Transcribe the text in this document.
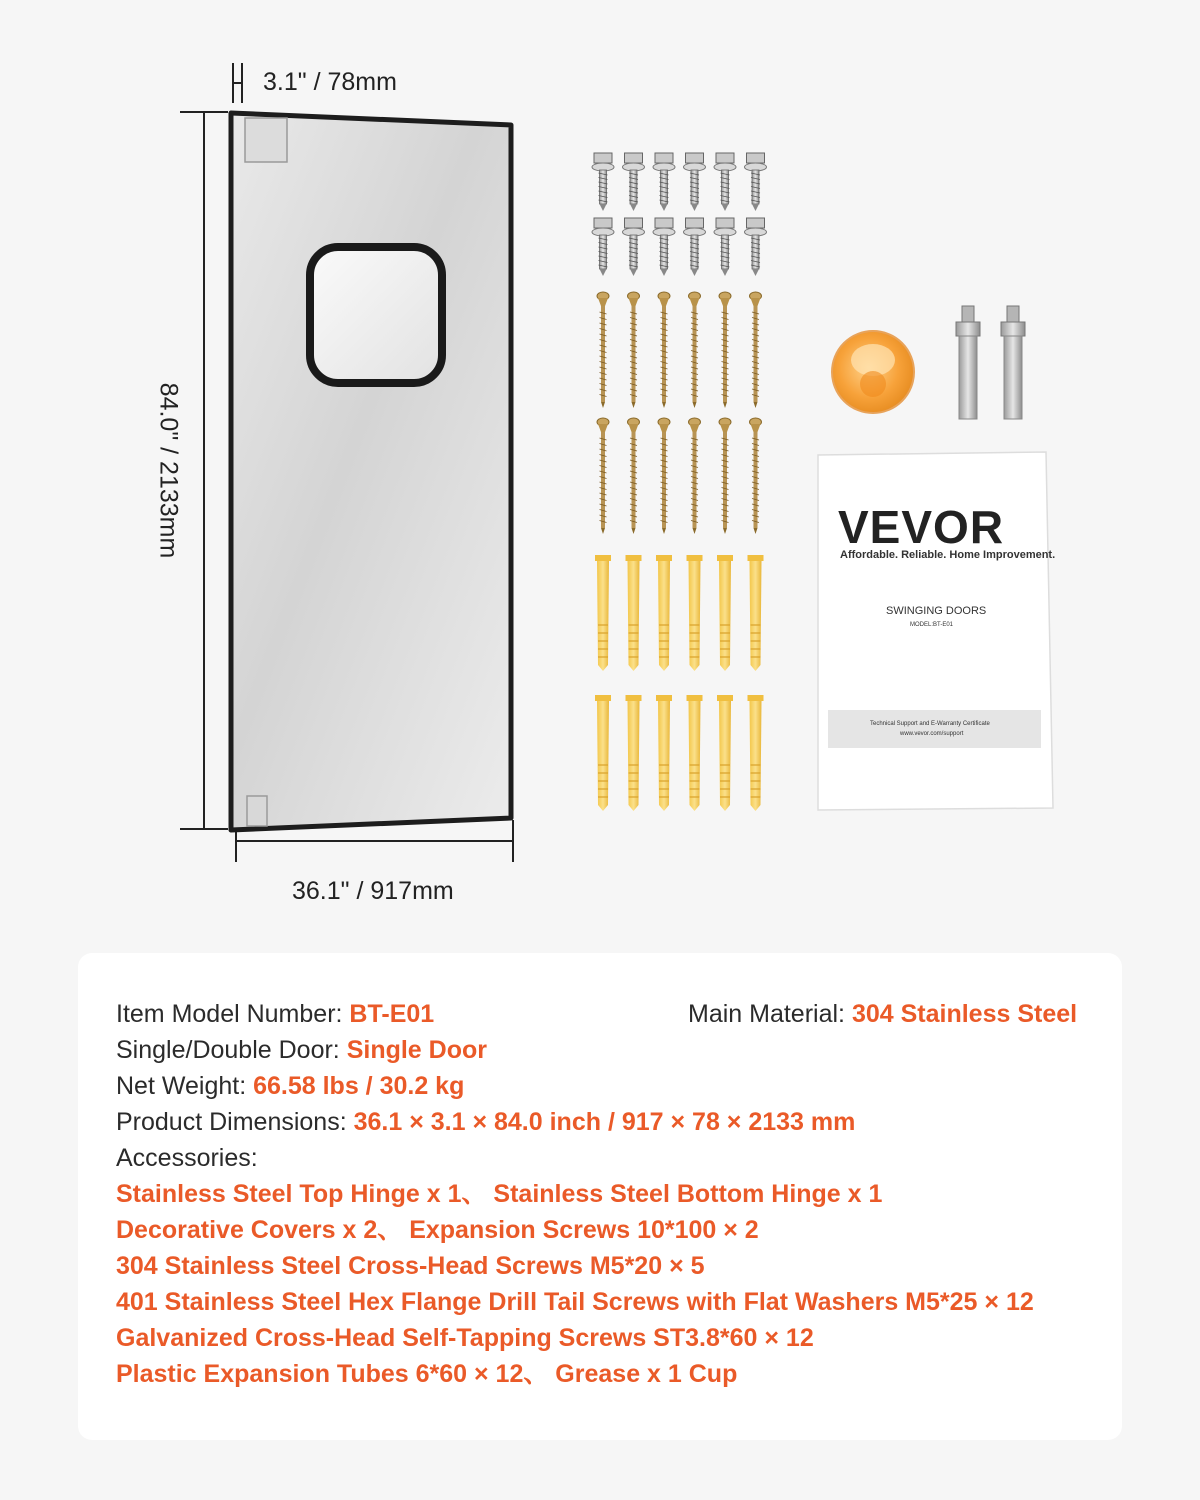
3.1" / 78mm
84.0" / 2133mm
36.1" / 917mm
VEVOR
Affordable. Reliable. Home Improvement.
SWINGING DOORS
MODEL:BT-E01
Technical Support and E-Warranty Certificate
www.vevor.com/support
Item Model Number: BT-E01	Main Material: 304 Stainless Steel
Single/Double Door: Single Door
Net Weight: 66.58 lbs / 30.2 kg
Product Dimensions: 36.1 × 3.1 × 84.0 inch / 917 × 78 × 2133 mm
Accessories:
Stainless Steel Top Hinge x 1、 Stainless Steel Bottom Hinge x 1
Decorative Covers x 2、 Expansion Screws 10*100 × 2
304 Stainless Steel Cross-Head Screws M5*20 × 5
401 Stainless Steel Hex Flange Drill Tail Screws with Flat Washers M5*25 × 12
Galvanized Cross-Head Self-Tapping Screws ST3.8*60 × 12
Plastic Expansion Tubes 6*60 × 12、 Grease x 1 Cup
